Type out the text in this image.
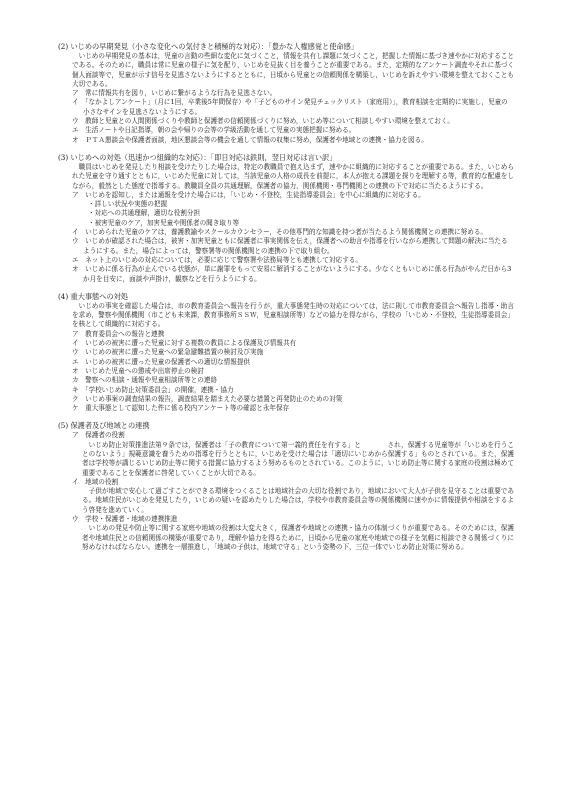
(2) いじめの早期発見（小さな変化への気付きと積極的な対応）：「豊かな人権感覚と使命感」
いじめの早期発見の基本は，児童の言動の些細な変化に気づくこと，情報を共有し課題に気づくこと，把握した情報に基づき速やかに対応することである。そのために，職員は常に児童の様子に気を配り，いじめを見抜く目を養うことが重要である。また，定期的なアンケート調査やそれに基づく個人面談等で，児童が示す信号を見逃さないようにするとともに，日頃から児童との信頼関係を構築し，いじめを訴えやすい環境を整えておくことも大切である。
ア　常に情報共有を図り，いじめに繋がるような行為を見逃さない。
イ　「なかよしアンケート」（月に1回，卒業後5年間保存）や「子どものサイン発見チェックリスト（家庭用）」，教育相談を定期的に実施し，児童の小さなサインを見逃さないようにする。
ウ　教師と児童との人間関係づくりや教師と保護者の信頼関係づくりに努め，いじめ等について相談しやすい環境を整えておく。
エ　生活ノートや日記指導，朝の会や帰りの会等の学級活動を通して児童の実態把握に努める。
オ　ＰＴＡ懇談会や保護者面談，地区懇談会等の機会を通して情報の収集に努め，保護者や地域との連携・協力を図る。
(3) いじめへの対処（迅速かつ組織的な対応）：「即日対応は鉄則，翌日対応は言い訳」
職員はいじめを発見したり相談を受けたりした場合は，特定の教職員で抱え込まず，速やかに組織的に対応することが重要である。また，いじめられた児童を守り通すとともに，いじめた児童に対しては，当該児童の人格の成長を前提に，本人が抱える課題を探りを理解する等，教育的な配慮をしながら，毅然とした態度で指導する。教職員全員の共通理解，保護者の協力，関係機関・専門機関との連携の下で対応に当たるようにする。
ア　いじめを認知し，または通報を受けた場合には，「いじめ・不登校，生徒指導委員会」を中心に組織的に対応する。
・詳しい状況や実態の把握
・対応への共通理解，適切な役割分担
・被害児童のケア，加害児童や関係者の聞き取り等
イ　いじめられた児童のケアは，養護教諭やスクールカウンセラー，その他専門的な知識を持つ者が当たるよう関係機関との連携に努める。
ウ　いじめが確認された場合は，被害・加害児童ともに保護者に事実関係を伝え，保護者への助言や指導を行いながら連携して問題の解決に当たるようにする。また，場合によっては，警察署等の関係機関との連携の下で取り組む。
エ　ネット上のいじめの対応については，必要に応じて警察署や法務局等とも連携して対応する。
オ　いじめに係る行為が止んでいる状態が，単に謝罪をもって安易に解消することがないようにする。少なくともいじめに係る行為がやんだ日から3か月を目安に，面談や声掛け，観察などを行うようにする。
(4) 重大事態への対処
いじめの事実を確認した場合は，市の教育委員会へ報告を行うが，重大事態発生時の対応については，法に則して市教育委員会へ報告し指導・助言を求め，警察や関係機関（市こども未来課，教育事務所ＳＳＷ，児童相談所等）などの協力を得ながら，学校の「いじめ・不登校，生徒指導委員会」を核として組織的に対応する。
ア　教育委員会への報告と連携
イ　いじめの被害に遭った児童に対する複数の教員による保護及び情報共有
ウ　いじめの被害に遭った児童への緊急避難措置の検討及び実施
エ　いじめの被害に遭った児童の保護者への適切な情報提供
オ　いじめた児童への懲戒や出席停止の検討
カ　警察への相談・通報や児童相談所等との連絡
キ　「学校いじめ防止対策委員会」の開催，連携・協力
ク　いじめ事案の調査結果の報告，調査結果を踏まえた必要な措置と再発防止のための対策
ケ　重大事態として認知した件に係る校内アンケート等の確認と永年保存
(5) 保護者及び地域との連携
ア　保護者の役割
いじめ防止対策推進法第９条では，保護者は「子の教育について第一義的責任を有する」と　　　　され，保護する児童等が「いじめを行うことのないよう」規範意識を養うための指導を行うとともに，いじめを受けた場合は「適切にいじめから保護する」ものとされている。また，保護者は学校等が講じるいじめ防止等に関する措置に協力するよう努めるものとされている。このように，いじめ防止等に関する家庭の役割は極めて重要であることを保護者に啓発していくことが大切である。
イ　地域の役割
子供が地域で安心して過ごすことができる環境をつくることは地域社会の大切な役割であり，地域において大人が子供を見守ることは重要である。地域住民がいじめを発見したり，いじめの疑いを認めたりした場合は，学校や市教育委員会等の関係機関に速やかに情報提供や相談をするよう啓発を進めていく。
ウ　学校・保護者・地域の連携推進
いじめの発見や防止等に関する家庭や地域の役割は大変大きく，保護者や地域との連携・協力の体制づくりが重要である。そのためには，保護者や地域住民との信頼関係の構築が重要であり，理解や協力を得るために，日頃から児童の家庭や地域での様子を気軽に相談できる関係づくりに努めなければならない。連携を一層推進し，「地域の子供は，地域で守る」という姿勢の下，三位一体でいじめ防止対策に努める。
